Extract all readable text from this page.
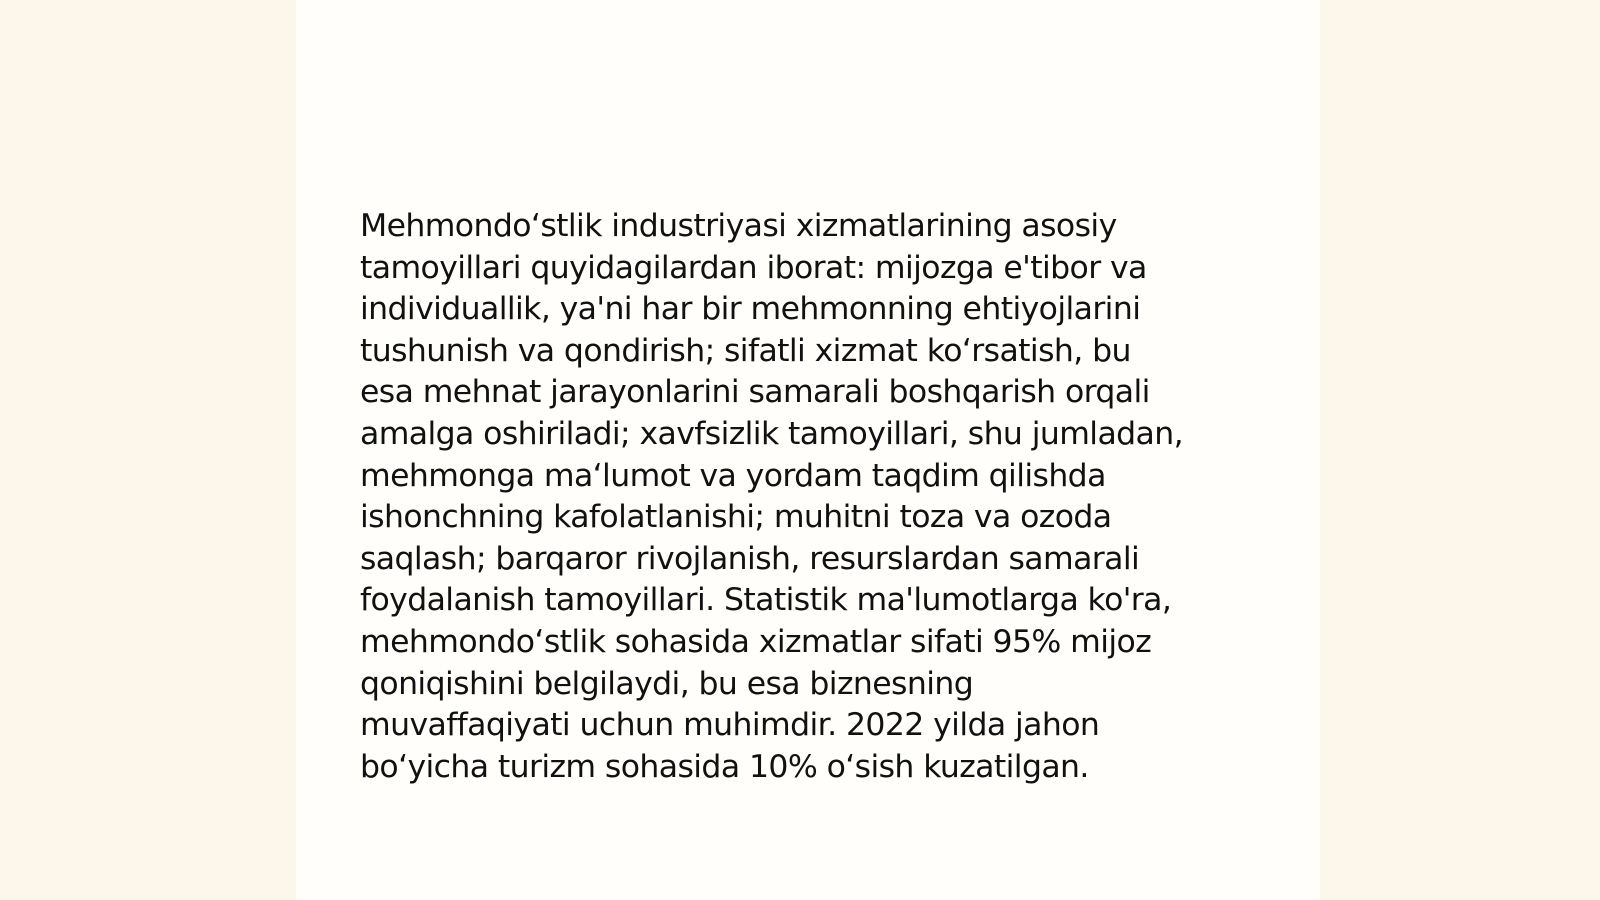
Mehmondo‘stlik industriyasi xizmatlarining asosiy
tamoyillari quyidagilardan iborat: mijozga e'tibor va
individuallik, ya'ni har bir mehmonning ehtiyojlarini
tushunish va qondirish; sifatli xizmat ko‘rsatish, bu
esa mehnat jarayonlarini samarali boshqarish orqali
amalga oshiriladi; xavfsizlik tamoyillari, shu jumladan,
mehmonga ma‘lumot va yordam taqdim qilishda
ishonchning kafolatlanishi; muhitni toza va ozoda
saqlash; barqaror rivojlanish, resurslardan samarali
foydalanish tamoyillari. Statistik ma'lumotlarga ko'ra,
mehmondo‘stlik sohasida xizmatlar sifati 95% mijoz
qoniqishini belgilaydi, bu esa biznesning
muvaffaqiyati uchun muhimdir. 2022 yilda jahon
bo‘yicha turizm sohasida 10% o‘sish kuzatilgan.
